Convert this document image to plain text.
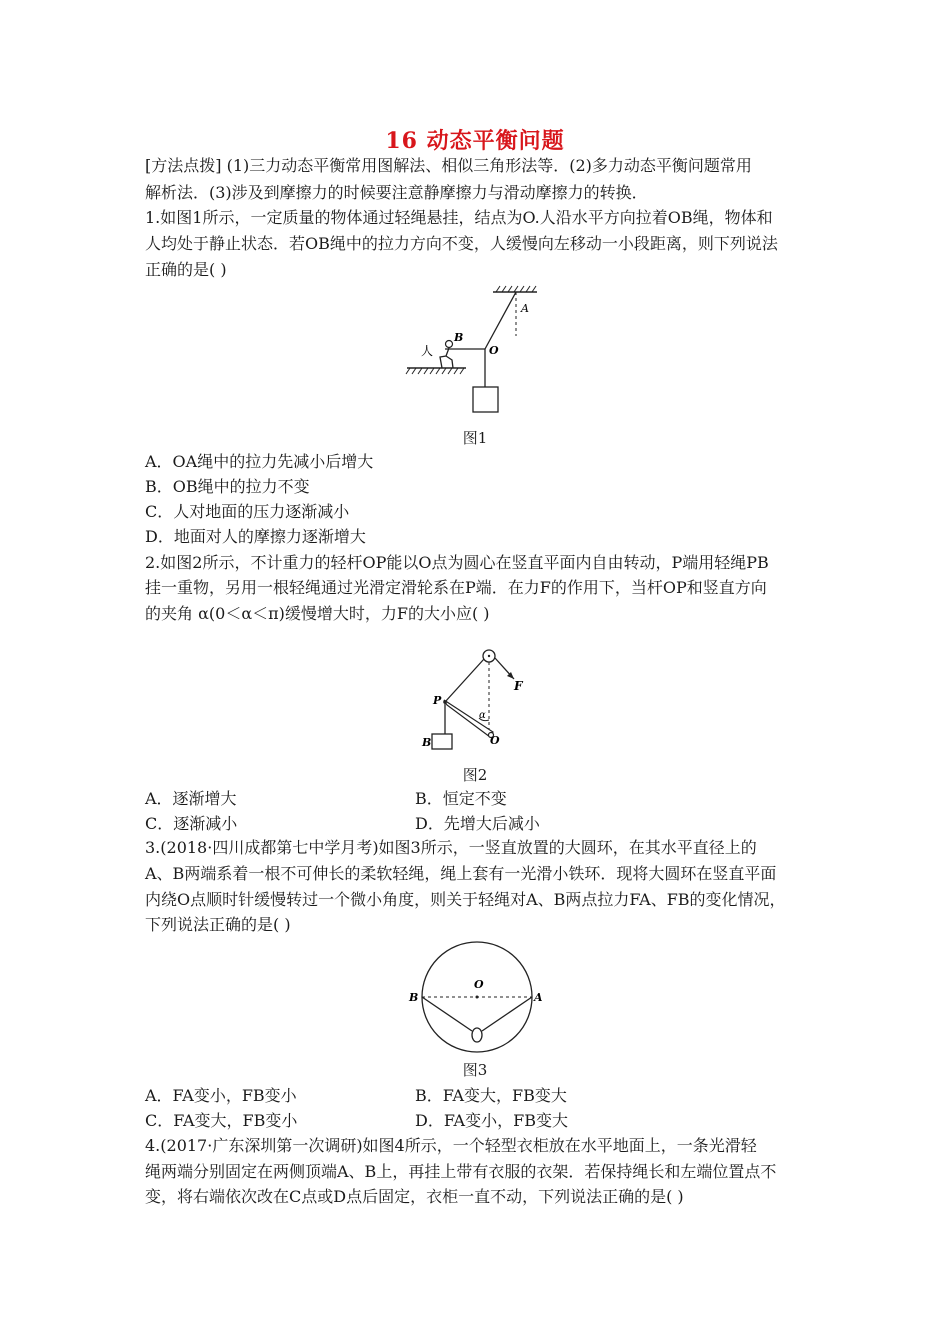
16 动态平衡问题
[方法点拨] (1)三力动态平衡常用图解法、相似三角形法等．(2)多力动态平衡问题常用
解析法．(3)涉及到摩擦力的时候要注意静摩擦力与滑动摩擦力的转换．
1.如图1所示，一定质量的物体通过轻绳悬挂，结点为O.人沿水平方向拉着OB绳，物体和
人均处于静止状态．若OB绳中的拉力方向不变，人缓慢向左移动一小段距离，则下列说法
正确的是( )
A
B
O
人
图1
A．OA绳中的拉力先减小后增大
B．OB绳中的拉力不变
C．人对地面的压力逐渐减小
D．地面对人的摩擦力逐渐增大
2.如图2所示，不计重力的轻杆OP能以O点为圆心在竖直平面内自由转动，P端用轻绳PB
挂一重物，另用一根轻绳通过光滑定滑轮系在P端．在力F的作用下，当杆OP和竖直方向
的夹角 α(0＜α＜π)缓慢增大时，力F的大小应( )
P
F
α
O
B
图2
A．逐渐增大	B．恒定不变
C．逐渐减小	D．先增大后减小
3.(2018·四川成都第七中学月考)如图3所示，一竖直放置的大圆环，在其水平直径上的
A、B两端系着一根不可伸长的柔软轻绳，绳上套有一光滑小铁环．现将大圆环在竖直平面
内绕O点顺时针缓慢转过一个微小角度，则关于轻绳对A、B两点拉力FA、FB的变化情况，
下列说法正确的是( )
O
B	A
图3
A．FA变小，FB变小	B．FA变大，FB变大
C．FA变大，FB变小	D．FA变小，FB变大
4.(2017·广东深圳第一次调研)如图4所示，一个轻型衣柜放在水平地面上，一条光滑轻
绳两端分别固定在两侧顶端A、B上，再挂上带有衣服的衣架．若保持绳长和左端位置点不
变，将右端依次改在C点或D点后固定，衣柜一直不动，下列说法正确的是( )
